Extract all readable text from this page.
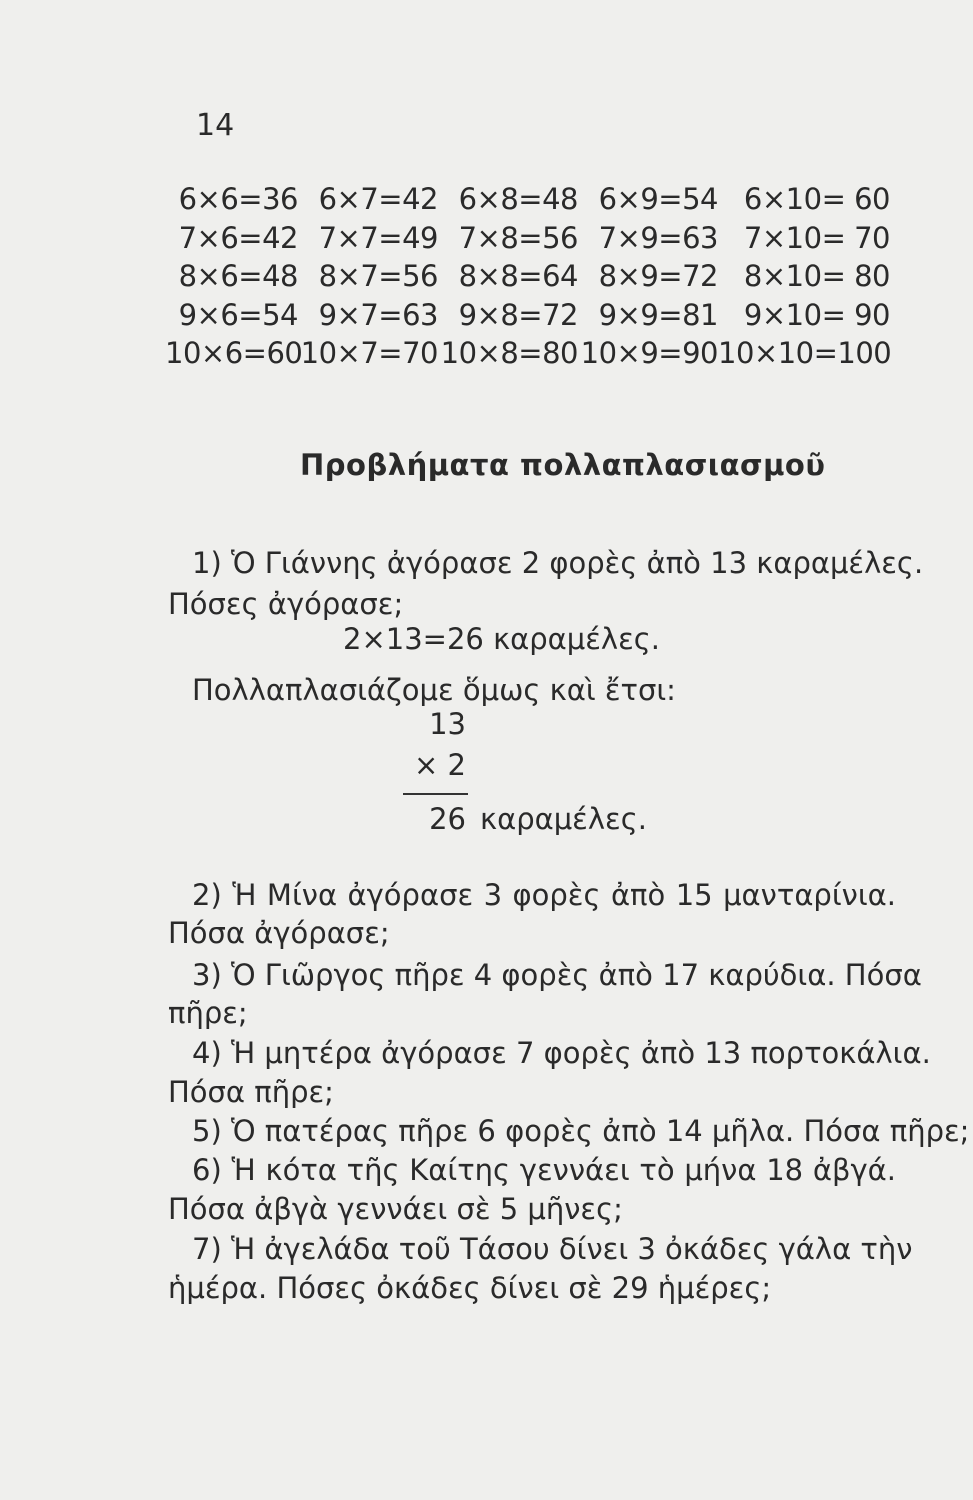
14
6×6=36 6×7=42 6×8=48 6×9=54 6×10= 60
7×6=42 7×7=49 7×8=56 7×9=63 7×10= 70
8×6=48 8×7=56 8×8=64 8×9=72 8×10= 80
9×6=54 9×7=63 9×8=72 9×9=81 9×10= 90
10×6=60
10×7=70 10×8=80 10×9=90 10×10=100
Προβλήματα πολλαπλασιασμοῦ
1) Ὁ Γιάννης ἀγόρασε 2 φορὲς ἀπὸ 13 καραμέλες.
Πόσες ἀγόρασε;
2×13=26 καραμέλες.
Πολλαπλασιάζομε ὅμως καὶ ἔτσι:
13
× 2
26 καραμέλες.
2) Ἡ Μίνα ἀγόρασε 3 φορὲς ἀπὸ 15 μανταρίνια.
Πόσα ἀγόρασε;
3) Ὁ Γιῶργος πῆρε 4 φορὲς ἀπὸ 17 καρύδια. Πόσα
πῆρε;
4) Ἡ μητέρα ἀγόρασε 7 φορὲς ἀπὸ 13 πορτοκάλια.
Πόσα πῆρε;
5) Ὁ πατέρας πῆρε 6 φορὲς ἀπὸ 14 μῆλα. Πόσα πῆρε;
6) Ἡ κότα τῆς Καίτης γεννάει τὸ μήνα 18 ἀβγά.
Πόσα ἀβγὰ γεννάει σὲ 5 μῆνες;
7) Ἡ ἀγελάδα τοῦ Τάσου δίνει 3 ὀκάδες γάλα τὴν
ἡμέρα. Πόσες ὀκάδες δίνει σὲ 29 ἡμέρες;
